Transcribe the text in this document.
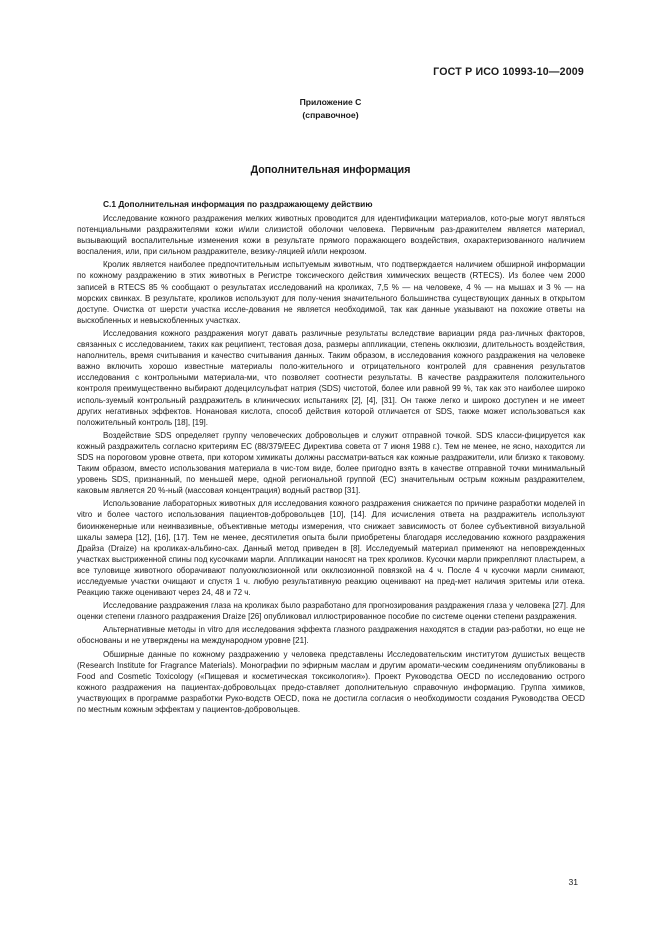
ГОСТ Р ИСО 10993-10—2009
Приложение С
(справочное)
Дополнительная информация
С.1 Дополнительная информация по раздражающему действию

Исследование кожного раздражения мелких животных проводится для идентификации материалов, кото-рые могут являться потенциальными раздражителями кожи и/или слизистой оболочки человека. Первичным раз-дражителем является материал, вызывающий воспалительные изменения кожи в результате прямого поражающего воздействия, охарактеризованного наличием воспаления, или, при сильном раздражителе, везику-ляцией и/или некрозом.

Кролик является наиболее предпочтительным испытуемым животным, что подтверждается наличием обширной информации по кожному раздражению в этих животных в Регистре токсического действия химических веществ (RTECS). Из более чем 2000 записей в RTECS 85 % сообщают о результатах исследований на кроликах, 7,5 % — на человеке, 4 % — на мышах и 3 % — на морских свинках. В результате, кроликов используют для полу-чения значительного большинства существующих данных в открытом доступе. Очистка от шерсти участка иссле-дования не является необходимой, так как данные указывают на похожие ответы на выскобленных и невыскобленных участках.

Исследования кожного раздражения могут давать различные результаты вследствие вариации ряда раз-личных факторов, связанных с исследованием, таких как реципиент, тестовая доза, размеры аппликации, степень окклюзии, длительность воздействия, наполнитель, время считывания и качество считывания данных. Таким образом, в исследования кожного раздражения на человеке важно включить хорошо известные материалы поло-жительного и отрицательного контролей для сравнения результатов исследования с контрольными материала-ми, что позволяет соотнести результаты. В качестве раздражителя положительного контроля преимущественно выбирают додецилсульфат натрия (SDS) чистотой, более или равной 99 %, так как это наиболее широко исполь-зуемый контрольный раздражитель в клинических испытаниях [2], [4], [31]. Он также легко и широко доступен и не имеет других негативных эффектов. Нонановая кислота, способ действия которой отличается от SDS, также может использоваться как положительный контроль [18], [19].

Воздействие SDS определяет группу человеческих добровольцев и служит отправной точкой. SDS класси-фицируется как кожный раздражитель согласно критериям ЕС (88/379/ЕЕС Директива совета от 7 июня 1988 г.). Тем не менее, не ясно, находится ли SDS на пороговом уровне ответа, при котором химикаты должны рассматри-ваться как кожные раздражители, или близко к таковому. Таким образом, вместо использования материала в чис-том виде, более пригодно взять в качестве отправной точки минимальный уровень SDS, признанный, по меньшей мере, одной региональной группой (ЕС) значительным острым кожным раздражителем, каковым является 20 %-ный (массовая концентрация) водный раствор [31].

Использование лабораторных животных для исследования кожного раздражения снижается по причине разработки моделей in vitro и более частого использования пациентов-добровольцев [10], [14]. Для исчисления ответа на раздражитель используют биоинженерные или неинвазивные, объективные методы измерения, что снижает зависимость от более субъективной визуальной шкалы замера [12], [16], [17]. Тем не менее, десятилетия опыта были приобретены благодаря исследованию кожного раздражения Драйза (Draize) на кроликах-альбино-сах. Данный метод приведен в [8]. Исследуемый материал применяют на неповрежденных участках выстриженной спины под кусочками марли. Аппликации наносят на трех кроликов. Кусочки марли прикрепляют пластырем, а все туловище животного оборачивают полуокклюзионной или окклюзионной повязкой на 4 ч. После 4 ч кусочки марли снимают, исследуемые участки очищают и спустя 1 ч. любую результативную реакцию оценивают на пред-мет наличия эритемы или отека. Реакцию также оценивают через 24, 48 и 72 ч.

Исследование раздражения глаза на кроликах было разработано для прогнозирования раздражения глаза у человека [27]. Для оценки степени глазного раздражения Draize [26] опубликовал иллюстрированное пособие по системе оценки степени раздражения.

Альтернативные методы in vitro для исследования эффекта глазного раздражения находятся в стадии раз-работки, но еще не обоснованы и не утверждены на международном уровне [21].

Обширные данные по кожному раздражению у человека представлены Исследовательским институтом душистых веществ (Research Institute for Fragrance Materials). Монографии по эфирным маслам и другим аромати-ческим соединениям опубликованы в Food and Cosmetic Toxicology («Пищевая и косметическая токсикология»). Проект Руководства OECD по исследованию острого кожного раздражения на пациентах-добровольцах предо-ставляет дополнительную справочную информацию. Группа химиков, участвующих в программе разработки Руко-водств OECD, пока не достигла согласия о необходимости создания Руководства OECD по местным кожным эффектам у пациентов-добровольцев.

31
